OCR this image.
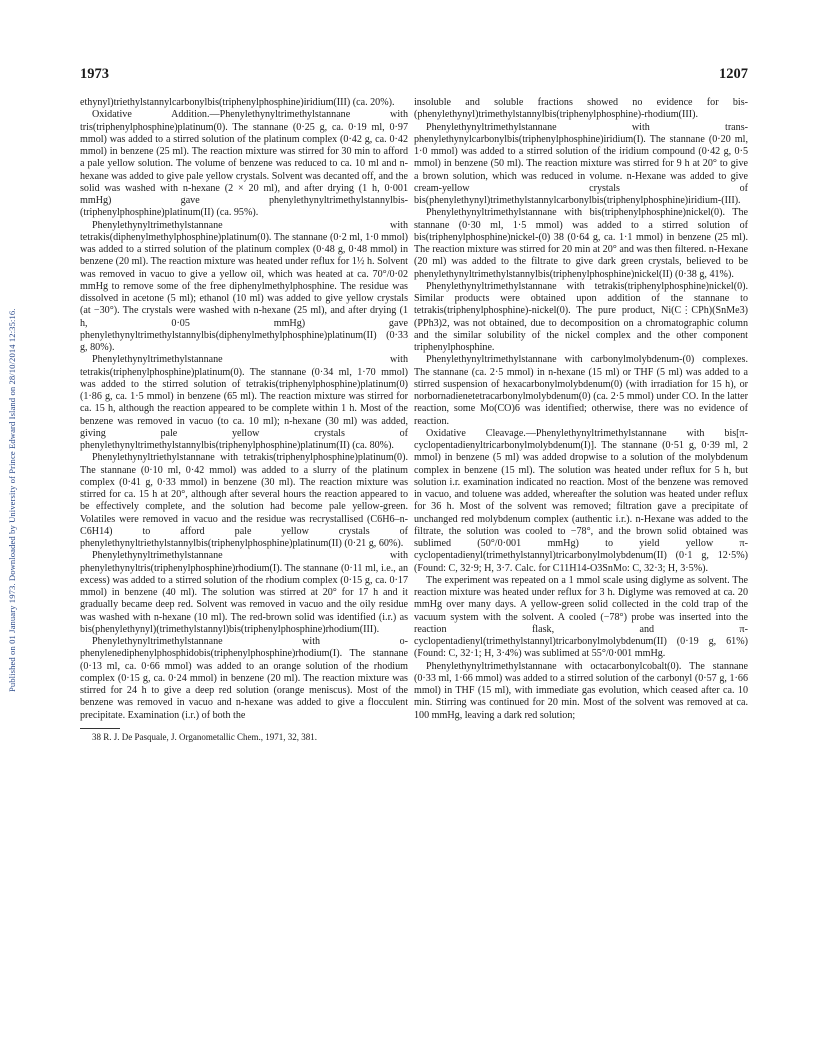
Published on 01 January 1973. Downloaded by University of Prince Edward Island on 28/10/2014 12:35:16.
1973	1207

ethynyl)triethylstannylcarbonylbis(triphenylphosphine)iridium(III) (ca. 20%).

Oxidative Addition.—Phenylethynyltrimethylstannane with tris(triphenylphosphine)platinum(0). The stannane (0·25 g, ca. 0·19 ml, 0·97 mmol) was added to a stirred solution of the platinum complex (0·42 g, ca. 0·42 mmol) in benzene (25 ml). The reaction mixture was stirred for 30 min to afford a pale yellow solution. The volume of benzene was reduced to ca. 10 ml and n-hexane was added to give pale yellow crystals. Solvent was decanted off, and the solid was washed with n-hexane (2 × 20 ml), and after drying (1 h, 0·001 mmHg) gave phenylethynyltrimethylstannylbis-(triphenylphosphine)platinum(II) (ca. 95%).

Phenylethynyltrimethylstannane with tetrakis(diphenylmethylphosphine)platinum(0). The stannane (0·2 ml, 1·0 mmol) was added to a stirred solution of the platinum complex (0·48 g, 0·48 mmol) in benzene (20 ml). The reaction mixture was heated under reflux for 1½ h. Solvent was removed in vacuo to give a yellow oil, which was heated at ca. 70°/0·02 mmHg to remove some of the free diphenylmethylphosphine. The residue was dissolved in acetone (5 ml); ethanol (10 ml) was added to give yellow crystals (at −30°). The crystals were washed with n-hexane (25 ml), and after drying (1 h, 0·05 mmHg) gave phenylethynyltrimethylstannylbis(diphenylmethylphosphine)platinum(II) (0·33 g, 80%).

Phenylethynyltrimethylstannane with tetrakis(triphenylphosphine)platinum(0). The stannane (0·34 ml, 1·70 mmol) was added to the stirred solution of tetrakis(triphenylphosphine)platinum(0) (1·86 g, ca. 1·5 mmol) in benzene (65 ml). The reaction mixture was stirred for ca. 15 h, although the reaction appeared to be complete within 1 h. Most of the benzene was removed in vacuo (to ca. 10 ml); n-hexane (30 ml) was added, giving pale yellow crystals of phenylethynyltrimethylstannylbis(triphenylphosphine)platinum(II) (ca. 80%).

Phenylethynyltriethylstannane with tetrakis(triphenylphosphine)platinum(0). The stannane (0·10 ml, 0·42 mmol) was added to a slurry of the platinum complex (0·41 g, 0·33 mmol) in benzene (30 ml). The reaction mixture was stirred for ca. 15 h at 20°, although after several hours the reaction appeared to be effectively complete, and the solution had become pale yellow-green. Volatiles were removed in vacuo and the residue was recrystallised (C6H6–n-C6H14) to afford pale yellow crystals of phenylethynyltriethylstannylbis(triphenylphosphine)platinum(II) (0·21 g, 60%).

Phenylethynyltrimethylstannane with phenylethynyltris(triphenylphosphine)rhodium(I). The stannane (0·11 ml, i.e., an excess) was added to a stirred solution of the rhodium complex (0·15 g, ca. 0·17 mmol) in benzene (40 ml). The solution was stirred at 20° for 17 h and it gradually became deep red. Solvent was removed in vacuo and the oily residue was washed with n-hexane (10 ml). The red-brown solid was identified (i.r.) as bis(phenylethynyl)(trimethylstannyl)bis(triphenylphosphine)rhodium(III).

Phenylethynyltrimethylstannane with o-phenylenediphenylphosphidobis(triphenylphosphine)rhodium(I). The stannane (0·13 ml, ca. 0·66 mmol) was added to an orange solution of the rhodium complex (0·15 g, ca. 0·24 mmol) in benzene (20 ml). The reaction mixture was stirred for 24 h to give a deep red solution (orange meniscus). Most of the benzene was removed in vacuo and n-hexane was added to give a flocculent precipitate. Examination (i.r.) of both the

38 R. J. De Pasquale, J. Organometallic Chem., 1971, 32, 381.

insoluble and soluble fractions showed no evidence for bis-(phenylethynyl)trimethylstannylbis(triphenylphosphine)-rhodium(III).

Phenylethynyltrimethylstannane with trans-phenylethynylcarbonylbis(triphenylphosphine)iridium(I). The stannane (0·20 ml, 1·0 mmol) was added to a stirred solution of the iridium compound (0·42 g, 0·5 mmol) in benzene (50 ml). The reaction mixture was stirred for 9 h at 20° to give a brown solution, which was reduced in volume. n-Hexane was added to give cream-yellow crystals of bis(phenylethynyl)trimethylstannylcarbonylbis(triphenylphosphine)iridium-(III).

Phenylethynyltrimethylstannane with bis(triphenylphosphine)nickel(0). The stannane (0·30 ml, 1·5 mmol) was added to a stirred solution of bis(triphenylphosphine)nickel-(0) 38 (0·64 g, ca. 1·1 mmol) in benzene (25 ml). The reaction mixture was stirred for 20 min at 20° and was then filtered. n-Hexane (20 ml) was added to the filtrate to give dark green crystals, believed to be phenylethynyltrimethylstannylbis(triphenylphosphine)nickel(II) (0·38 g, 41%).

Phenylethynyltrimethylstannane with tetrakis(triphenylphosphine)nickel(0). Similar products were obtained upon addition of the stannane to tetrakis(triphenylphosphine)-nickel(0). The pure product, Ni(C⋮CPh)(SnMe3)(PPh3)2, was not obtained, due to decomposition on a chromatographic column and the similar solubility of the nickel complex and the other component triphenylphosphine.

Phenylethynyltrimethylstannane with carbonylmolybdenum-(0) complexes. The stannane (ca. 2·5 mmol) in n-hexane (15 ml) or THF (5 ml) was added to a stirred suspension of hexacarbonylmolybdenum(0) (with irradiation for 15 h), or norbornadienetetracarbonylmolybdenum(0) (ca. 2·5 mmol) under CO. In the latter reaction, some Mo(CO)6 was identified; otherwise, there was no evidence of reaction.

Oxidative Cleavage.—Phenylethynyltrimethylstannane with bis[π-cyclopentadienyltricarbonylmolybdenum(I)]. The stannane (0·51 g, 0·39 ml, 2 mmol) in benzene (5 ml) was added dropwise to a solution of the molybdenum complex in benzene (15 ml). The solution was heated under reflux for 5 h, but solution i.r. examination indicated no reaction. Most of the benzene was removed in vacuo, and toluene was added, whereafter the solution was heated under reflux for 36 h. Most of the solvent was removed; filtration gave a precipitate of unchanged red molybdenum complex (authentic i.r.). n-Hexane was added to the filtrate, the solution was cooled to −78°, and the brown solid obtained was sublimed (50°/0·001 mmHg) to yield yellow π-cyclopentadienyl(trimethylstannyl)tricarbonylmolybdenum(II) (0·1 g, 12·5%) (Found: C, 32·9; H, 3·7. Calc. for C11H14-O3SnMo: C, 32·3; H, 3·5%).

The experiment was repeated on a 1 mmol scale using diglyme as solvent. The reaction mixture was heated under reflux for 3 h. Diglyme was removed at ca. 20 mmHg over many days. A yellow-green solid collected in the cold trap of the vacuum system with the solvent. A cooled (−78°) probe was inserted into the reaction flask, and π-cyclopentadienyl(trimethylstannyl)tricarbonylmolybdenum(II) (0·19 g, 61%) (Found: C, 32·1; H, 3·4%) was sublimed at 55°/0·001 mmHg.

Phenylethynyltrimethylstannane with octacarbonylcobalt(0). The stannane (0·33 ml, 1·66 mmol) was added to a stirred solution of the carbonyl (0·57 g, 1·66 mmol) in THF (15 ml), with immediate gas evolution, which ceased after ca. 10 min. Stirring was continued for 20 min. Most of the solvent was removed at ca. 100 mmHg, leaving a dark red solution;
